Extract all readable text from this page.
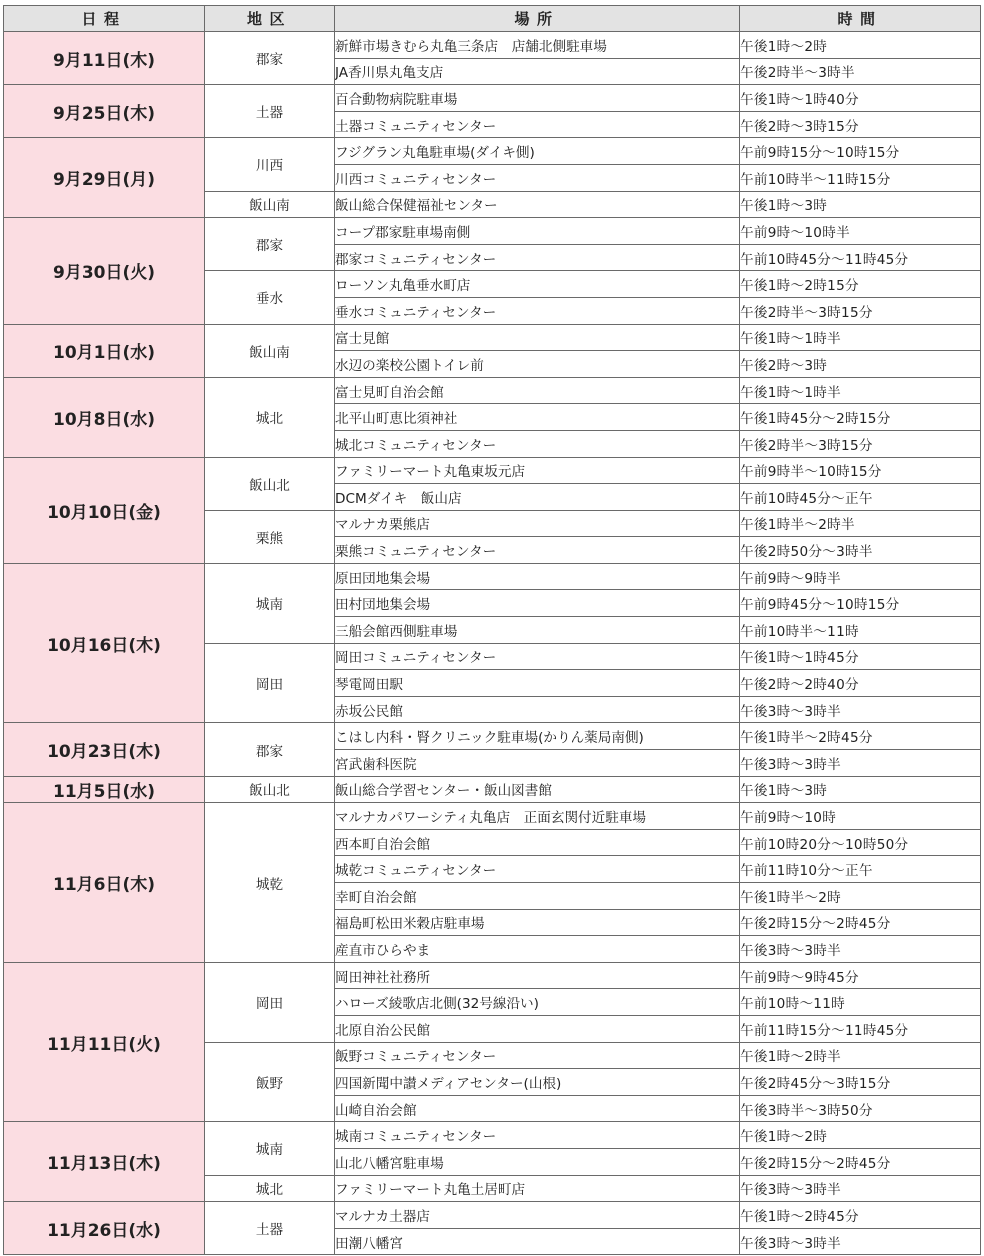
日程	地区	場所	時間
9月11日(木)	郡家	新鮮市場きむら丸亀三条店　店舗北側駐車場	午後1時～2時
		JA香川県丸亀支店	午後2時半～3時半
9月25日(木)	土器	百合動物病院駐車場	午後1時～1時40分
		土器コミュニティセンター	午後2時～3時15分
9月29日(月)	川西	フジグラン丸亀駐車場(ダイキ側)	午前9時15分～10時15分
		川西コミュニティセンター	午前10時半～11時15分
	飯山南	飯山総合保健福祉センター	午後1時～3時
9月30日(火)	郡家	コープ郡家駐車場南側	午前9時～10時半
		郡家コミュニティセンター	午前10時45分～11時45分
	垂水	ローソン丸亀垂水町店	午後1時～2時15分
		垂水コミュニティセンター	午後2時半～3時15分
10月1日(水)	飯山南	富士見館	午後1時～1時半
		水辺の楽校公園トイレ前	午後2時～3時
10月8日(水)	城北	富士見町自治会館	午後1時～1時半
		北平山町恵比須神社	午後1時45分～2時15分
		城北コミュニティセンター	午後2時半～3時15分
10月10日(金)	飯山北	ファミリーマート丸亀東坂元店	午前9時半～10時15分
		DCMダイキ　飯山店	午前10時45分～正午
	栗熊	マルナカ栗熊店	午後1時半～2時半
		栗熊コミュニティセンター	午後2時50分～3時半
10月16日(木)	城南	原田団地集会場	午前9時～9時半
		田村団地集会場	午前9時45分～10時15分
		三船会館西側駐車場	午前10時半～11時
	岡田	岡田コミュニティセンター	午後1時～1時45分
		琴電岡田駅	午後2時～2時40分
		赤坂公民館	午後3時～3時半
10月23日(木)	郡家	こはし内科・腎クリニック駐車場(かりん薬局南側)	午後1時半～2時45分
		宮武歯科医院	午後3時～3時半
11月5日(水)	飯山北	飯山総合学習センター・飯山図書館	午後1時～3時
11月6日(木)	城乾	マルナカパワーシティ丸亀店　正面玄関付近駐車場	午前9時～10時
		西本町自治会館	午前10時20分～10時50分
		城乾コミュニティセンター	午前11時10分～正午
		幸町自治会館	午後1時半～2時
		福島町松田米穀店駐車場	午後2時15分～2時45分
		産直市ひらやま	午後3時～3時半
11月11日(火)	岡田	岡田神社社務所	午前9時～9時45分
		ハローズ綾歌店北側(32号線沿い)	午前10時～11時
		北原自治公民館	午前11時15分～11時45分
	飯野	飯野コミュニティセンター	午後1時～2時半
		四国新聞中讃メディアセンター(山根)	午後2時45分～3時15分
		山崎自治会館	午後3時半～3時50分
11月13日(木)	城南	城南コミュニティセンター	午後1時～2時
		山北八幡宮駐車場	午後2時15分～2時45分
	城北	ファミリーマート丸亀土居町店	午後3時～3時半
11月26日(水)	土器	マルナカ土器店	午後1時～2時45分
		田潮八幡宮	午後3時～3時半
